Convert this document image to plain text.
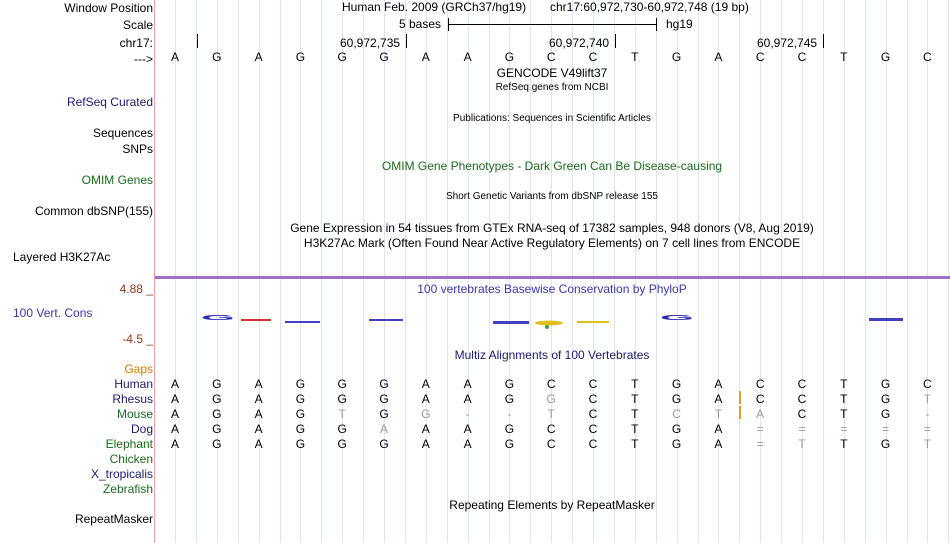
Window Position	Human Feb. 2009 (GRCh37/hg19) chr17:60,972,730-60,972,748 (19 bp)
Scale	5 bases	hg19
chr17:	60,972,735	60,972,740	60,972,745
--->	A	G	A	G	G	G	A	A	G	C	C	T	G	A	C	C	T	G	C
GENCODE V49lift37
RefSeq genes from NCBI
RefSeq Curated
Publications: Sequences in Scientific Articles
Sequences
SNPs
OMIM Gene Phenotypes - Dark Green Can Be Disease-causing
OMIM Genes
Short Genetic Variants from dbSNP release 155
Common dbSNP(155)
Gene Expression in 54 tissues from GTEx RNA-seq of 17382 samples, 948 donors (V8, Aug 2019)
H3K27Ac Mark (Often Found Near Active Regulatory Elements) on 7 cell lines from ENCODE
Layered H3K27Ac
4.88 _	100 vertebrates Basewise Conservation by PhyloP
100 Vert. Cons	G	G
-4.5 _
Multiz Alignments of 100 Vertebrates
Gaps
Human	A	G	A	G	G	G	A	A	G	C	C	T	G	A	C	C	T	G	C
Rhesus	A	G	A	G	G	G	A	A	G	G	C	T	G	A	C	C	T	G	T
Mouse	A	G	A	G	T	G	G	-	-	T	C	T	C	T	A	C	T	G	-
Dog	A	G	A	G	G	A	A	A	G	C	C	T	G	A	=	=	=	=	=
Elephant	A	G	A	G	G	G	A	A	G	C	C	T	G	A	=	T	T	G	T
Chicken
X_tropicalis
Zebrafish
Repeating Elements by RepeatMasker
RepeatMasker
